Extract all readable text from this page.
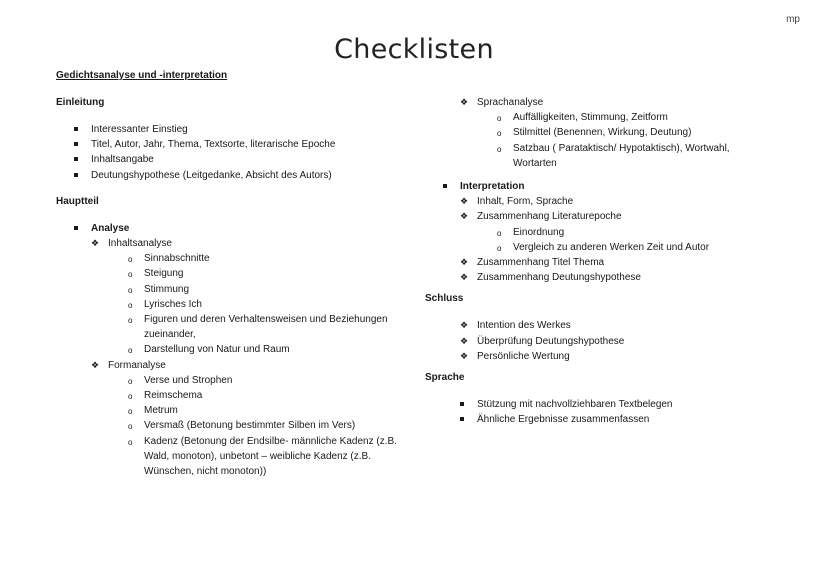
mp
Checklisten
Gedichtsanalyse und -interpretation
Einleitung
Interessanter Einstieg
Titel, Autor, Jahr, Thema, Textsorte, literarische Epoche
Inhaltsangabe
Deutungshypothese (Leitgedanke, Absicht des Autors)
Hauptteil
Analyse
❖ Inhaltsanalyse
o Sinnabschnitte
o Steigung
o Stimmung
o Lyrisches Ich
o Figuren und deren Verhaltensweisen und Beziehungen zueinander,
o Darstellung von Natur und Raum
❖ Formanalyse
o Verse und Strophen
o Reimschema
o Metrum
o Versmaß (Betonung bestimmter Silben im Vers)
o Kadenz (Betonung der Endsilbe- männliche Kadenz (z.B. Wald, monoton), unbetont – weibliche Kadenz (z.B. Wünschen, nicht monoton))
❖ Sprachanalyse
o Auffälligkeiten, Stimmung, Zeitform
o Stilmittel (Benennen, Wirkung, Deutung)
o Satzbau ( Parataktisch/ Hypotaktisch), Wortwahl, Wortarten
Interpretation
❖ Inhalt, Form, Sprache
❖ Zusammenhang Literaturepoche
o Einordnung
o Vergleich zu anderen Werken Zeit und Autor
❖ Zusammenhang Titel Thema
❖ Zusammenhang Deutungshypothese
Schluss
❖ Intention des Werkes
❖ Überprüfung Deutungshypothese
❖ Persönliche Wertung
Sprache
Stützung mit nachvollziehbaren Textbelegen
Ähnliche Ergebnisse zusammenfassen
